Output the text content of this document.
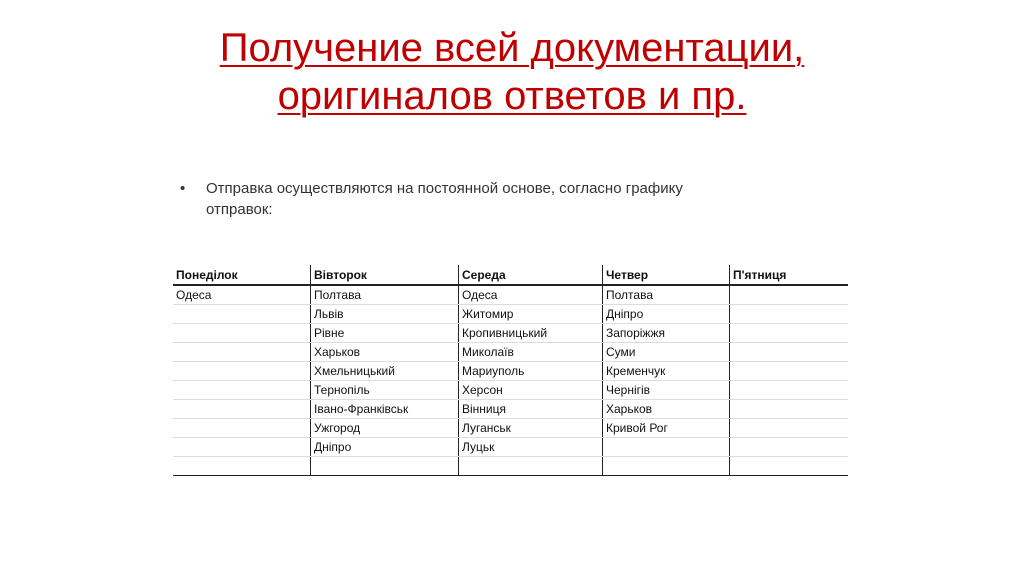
Получение всей документации,
оригиналов ответов и пр.
• Отправка осуществляются на постоянной основе, согласно графику отправок:
Понеділок	Вівторок	Середа	Четвер	П'ятниця
Одеса	Полтава	Одеса	Полтава	
	Львів	Житомир	Дніпро	
	Рівне	Кропивницький	Запоріжжя	
	Харьков	Миколаїв	Суми	
	Хмельницький	Мариуполь	Кременчук	
	Тернопіль	Херсон	Чернігів	
	Івано-Франківськ	Вінниця	Харьков	
	Ужгород	Луганськ	Кривой Рог	
	Дніпро	Луцьк		
